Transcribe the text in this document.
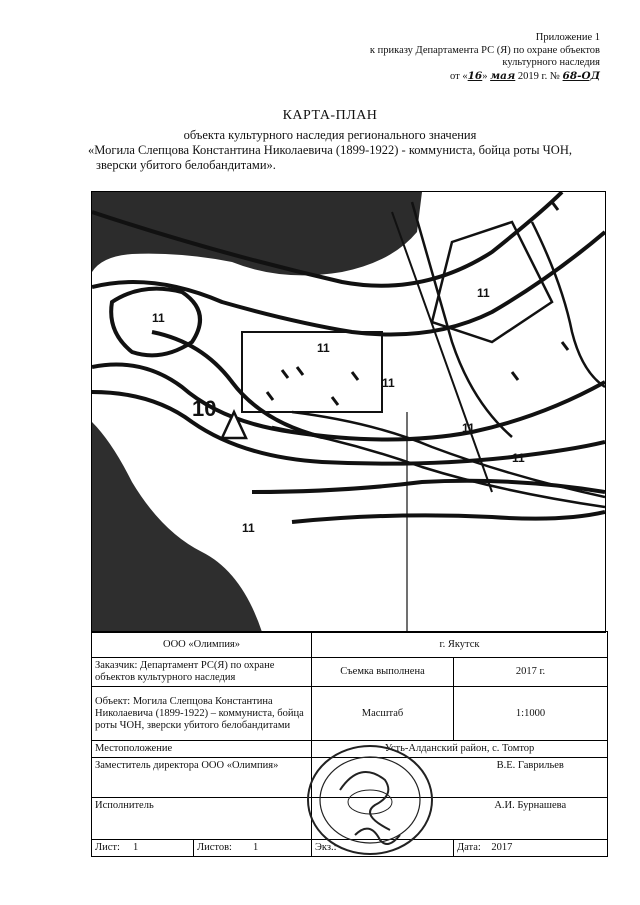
Приложение 1
к приказу Департамента РС (Я) по охране объектов
культурного наследия
от «16» мая 2019 г. № 68-ОД
КАРТА-ПЛАН
объекта культурного наследия регионального значения
«Могила Слепцова Константина Николаевича (1899-1922) - коммуниста, бойца роты ЧОН,
зверски убитого белобандитами».
10
11
11
11
11
11
11
11
ООО «Олимпия»		г. Якутск	
Заказчик: Департамент РС(Я) по охране объектов культурного наследия		Съемка выполнена	2017 г.
Объект: Могила Слепцова Константина Николаевича (1899-1922) – коммуниста, бойца роты ЧОН, зверски убитого белобандитами		Масштаб	1:1000
Местоположение		Усть-Алданский район, с. Томтор	
Заместитель директора ООО «Олимпия»			В.Е. Гаврильев
Исполнитель			А.И. Бурнашева
Лист: 1	Листов: 1	Экз.:	Дата: 2017
